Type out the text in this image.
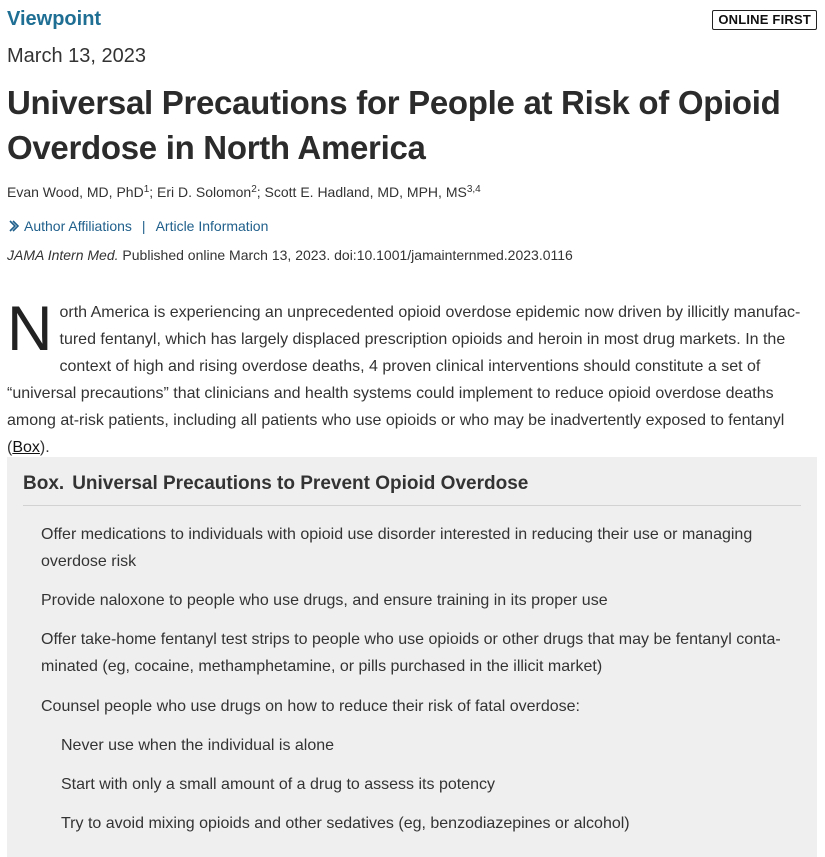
Viewpoint	ONLINE FIRST
March 13, 2023
Universal Precautions for People at Risk of Opioid Overdose in North America
Evan Wood, MD, PhD$^1$; Eri D. Solomon$^2$; Scott E. Hadland, MD, MPH, MS$^{3,4}$
Author Affiliations | Article Information
JAMA Intern Med. Published online March 13, 2023. doi:10.1001/jamainternmed.2023.0116
North America is experiencing an unprecedented opioid overdose epidemic now driven by illicitly manufactured fentanyl, which has largely displaced prescription opioids and heroin in most drug markets. In the context of high and rising overdose deaths, 4 proven clinical interventions should constitute a set of “universal precautions” that clinicians and health systems could implement to reduce opioid overdose deaths among at-risk patients, including all patients who use opioids or who may be inadvertently exposed to fentanyl (Box).
Box. Universal Precautions to Prevent Opioid Overdose
Offer medications to individuals with opioid use disorder interested in reducing their use or managing overdose risk
Provide naloxone to people who use drugs, and ensure training in its proper use
Offer take-home fentanyl test strips to people who use opioids or other drugs that may be fentanyl contaminated (eg, cocaine, methamphetamine, or pills purchased in the illicit market)
Counsel people who use drugs on how to reduce their risk of fatal overdose:
Never use when the individual is alone
Start with only a small amount of a drug to assess its potency
Try to avoid mixing opioids and other sedatives (eg, benzodiazepines or alcohol)
